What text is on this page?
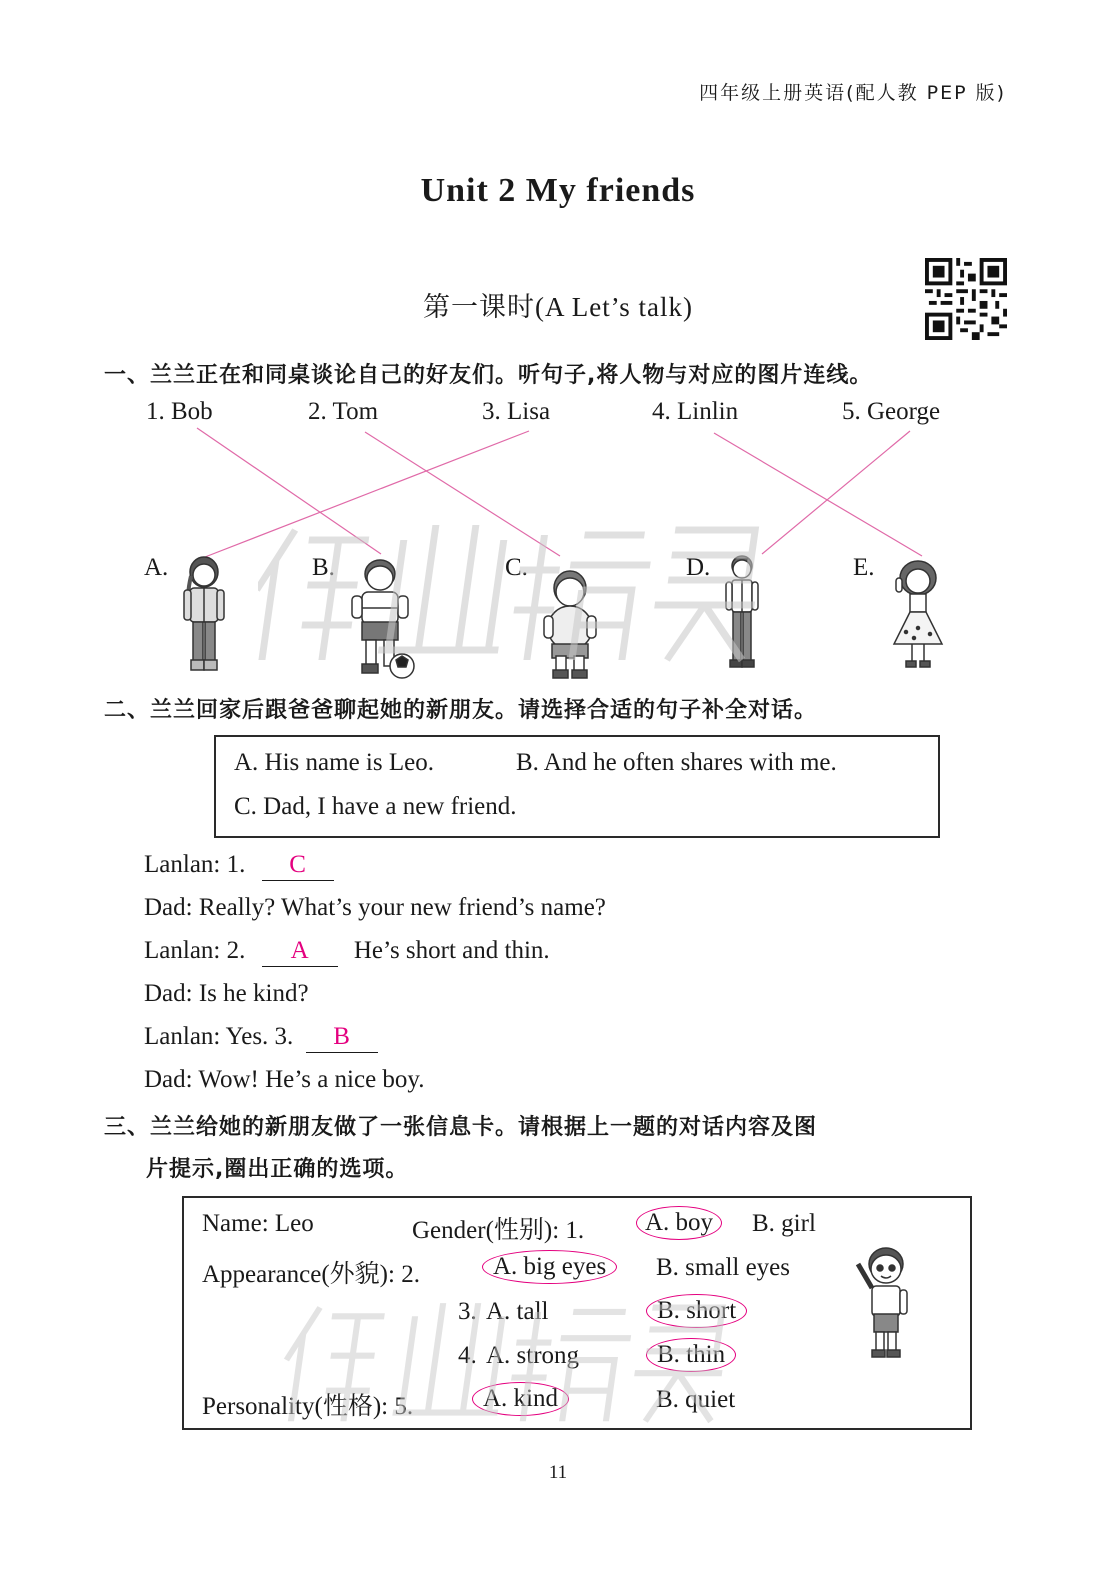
四年级上册英语(配人教 PEP 版)
Unit 2 My friends
第一课时(A Let’s talk)
一、兰兰正在和同桌谈论自己的好友们。听句子,将人物与对应的图片连线。
1. Bob	2. Tom	3. Lisa	4. Linlin	5. George
A.	B.	C.	D.	E.
二、兰兰回家后跟爸爸聊起她的新朋友。请选择合适的句子补全对话。
A. His name is Leo.	B. And he often shares with me.
C. Dad, I have a new friend.
Lanlan: 1. C
Dad: Really? What’s your new friend’s name?
Lanlan: 2. A He’s short and thin.
Dad: Is he kind?
Lanlan: Yes. 3. B
Dad: Wow! He’s a nice boy.
三、兰兰给她的新朋友做了一张信息卡。请根据上一题的对话内容及图
片提示,圈出正确的选项。
Name: Leo	Gender(性别): 1.	A. boy	B. girl
Appearance(外貌): 2.	A. big eyes	B. small eyes
3. A. tall	B. short
4. A. strong	B. thin
Personality(性格): 5.	A. kind	B. quiet
11
